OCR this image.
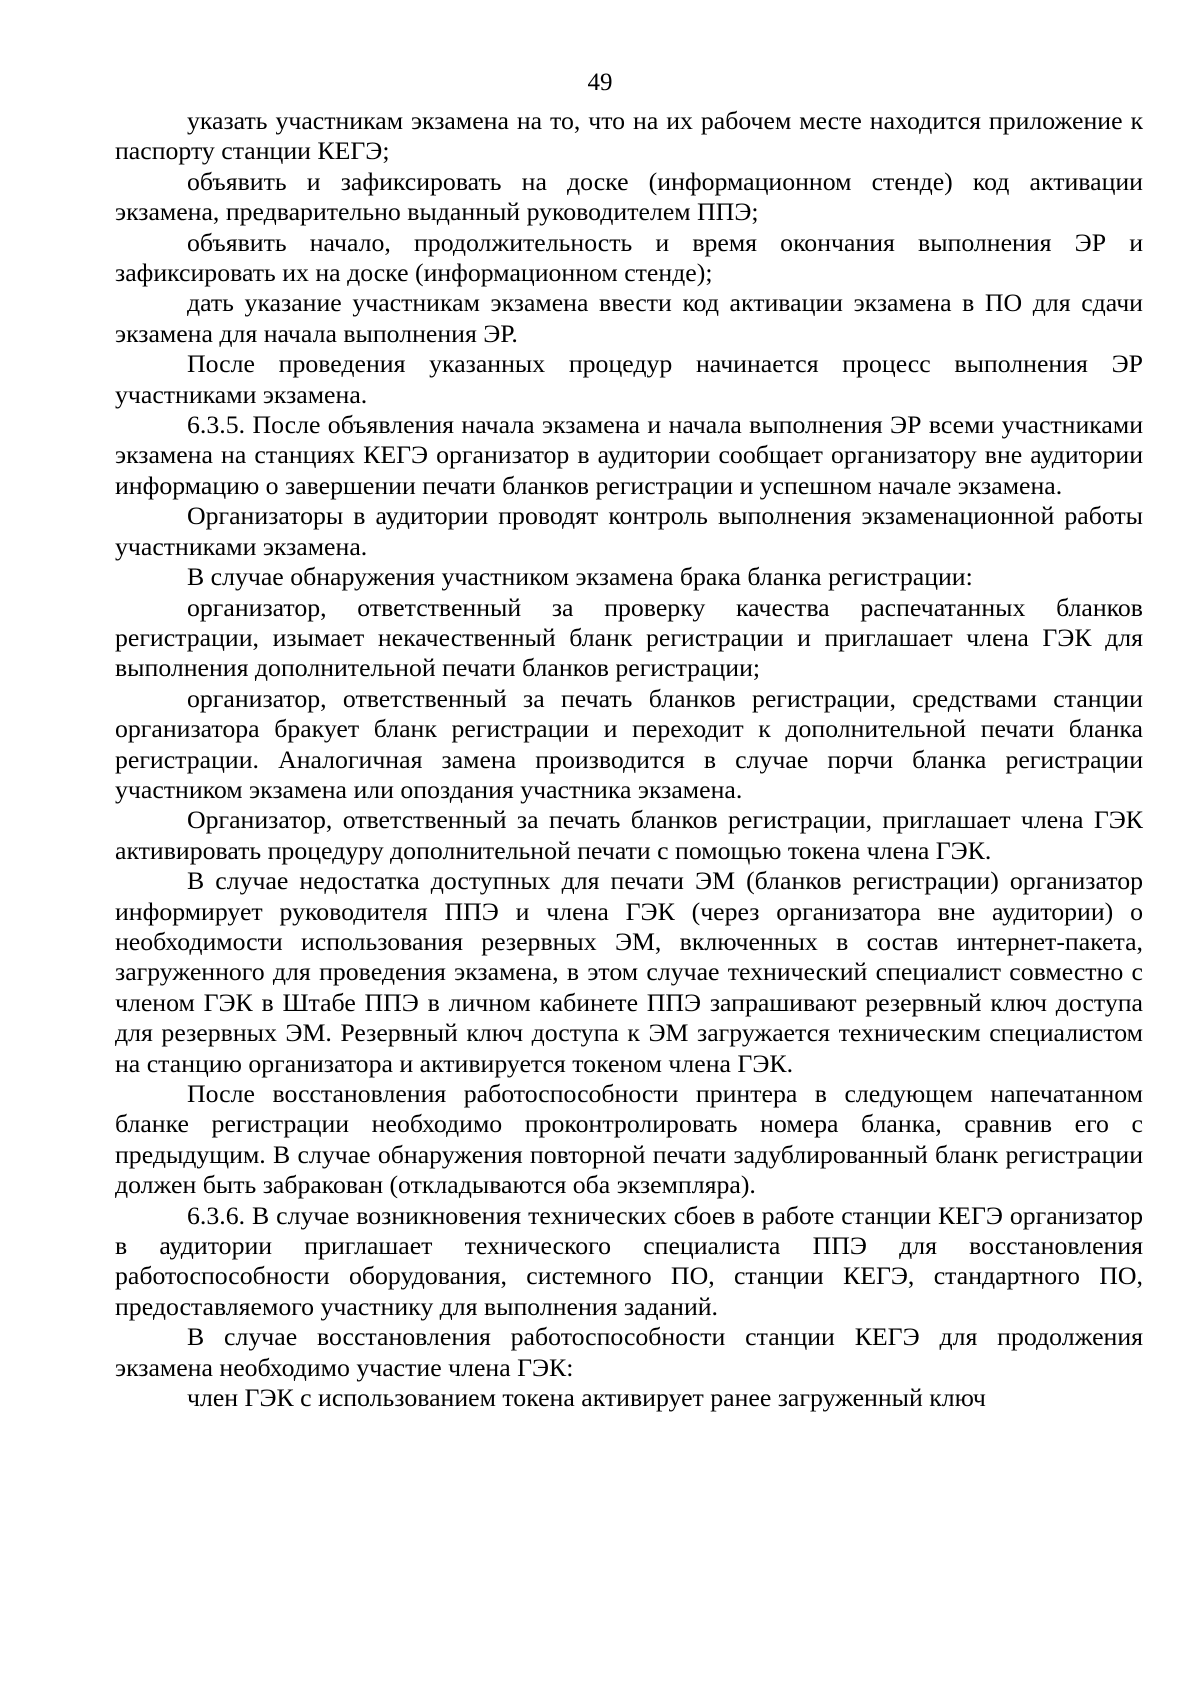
49

указать участникам экзамена на то, что на их рабочем месте находится приложение к паспорту станции КЕГЭ;

объявить и зафиксировать на доске (информационном стенде) код активации экзамена, предварительно выданный руководителем ППЭ;

объявить начало, продолжительность и время окончания выполнения ЭР и зафиксировать их на доске (информационном стенде);

дать указание участникам экзамена ввести код активации экзамена в ПО для сдачи экзамена для начала выполнения ЭР.

После проведения указанных процедур начинается процесс выполнения ЭР участниками экзамена.

6.3.5. После объявления начала экзамена и начала выполнения ЭР всеми участниками экзамена на станциях КЕГЭ организатор в аудитории сообщает организатору вне аудитории информацию о завершении печати бланков регистрации и успешном начале экзамена.

Организаторы в аудитории проводят контроль выполнения экзаменационной работы участниками экзамена.

В случае обнаружения участником экзамена брака бланка регистрации:

организатор, ответственный за проверку качества распечатанных бланков регистрации, изымает некачественный бланк регистрации и приглашает члена ГЭК для выполнения дополнительной печати бланков регистрации;

организатор, ответственный за печать бланков регистрации, средствами станции организатора бракует бланк регистрации и переходит к дополнительной печати бланка регистрации. Аналогичная замена производится в случае порчи бланка регистрации участником экзамена или опоздания участника экзамена.

Организатор, ответственный за печать бланков регистрации, приглашает члена ГЭК активировать процедуру дополнительной печати с помощью токена члена ГЭК.

В случае недостатка доступных для печати ЭМ (бланков регистрации) организатор информирует руководителя ППЭ и члена ГЭК (через организатора вне аудитории) о необходимости использования резервных ЭМ, включенных в состав интернет-пакета, загруженного для проведения экзамена, в этом случае технический специалист совместно с членом ГЭК в Штабе ППЭ в личном кабинете ППЭ запрашивают резервный ключ доступа для резервных ЭМ. Резервный ключ доступа к ЭМ загружается техническим специалистом на станцию организатора и активируется токеном члена ГЭК.

После восстановления работоспособности принтера в следующем напечатанном бланке регистрации необходимо проконтролировать номера бланка, сравнив его с предыдущим. В случае обнаружения повторной печати задублированный бланк регистрации должен быть забракован (откладываются оба экземпляра).

6.3.6. В случае возникновения технических сбоев в работе станции КЕГЭ организатор в аудитории приглашает технического специалиста ППЭ для восстановления работоспособности оборудования, системного ПО, станции КЕГЭ, стандартного ПО, предоставляемого участнику для выполнения заданий.

В случае восстановления работоспособности станции КЕГЭ для продолжения экзамена необходимо участие члена ГЭК:

член ГЭК с использованием токена активирует ранее загруженный ключ
